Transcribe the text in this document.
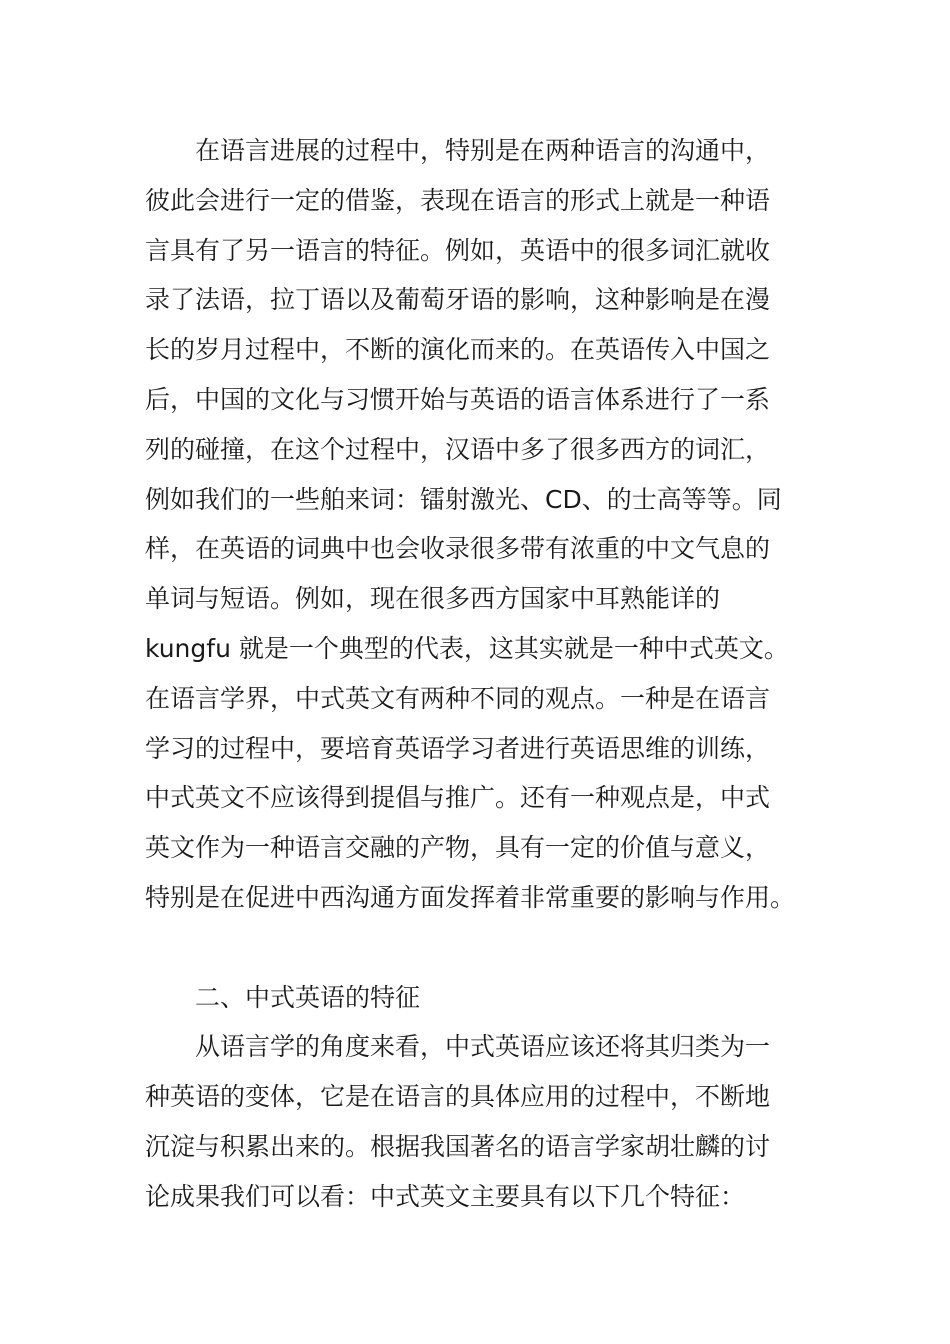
在语言进展的过程中，特别是在两种语言的沟通中，
彼此会进行一定的借鉴，表现在语言的形式上就是一种语
言具有了另一语言的特征。例如，英语中的很多词汇就收
录了法语，拉丁语以及葡萄牙语的影响，这种影响是在漫
长的岁月过程中，不断的演化而来的。在英语传入中国之
后，中国的文化与习惯开始与英语的语言体系进行了一系
列的碰撞，在这个过程中，汉语中多了很多西方的词汇，
例如我们的一些舶来词：镭射激光、CD、的士高等等。同
样，在英语的词典中也会收录很多带有浓重的中文气息的
单词与短语。例如，现在很多西方国家中耳熟能详的
kungfu 就是一个典型的代表，这其实就是一种中式英文。
在语言学界，中式英文有两种不同的观点。一种是在语言
学习的过程中，要培育英语学习者进行英语思维的训练，
中式英文不应该得到提倡与推广。还有一种观点是，中式
英文作为一种语言交融的产物，具有一定的价值与意义，
特别是在促进中西沟通方面发挥着非常重要的影响与作用。
二、中式英语的特征
从语言学的角度来看，中式英语应该还将其归类为一
种英语的变体，它是在语言的具体应用的过程中，不断地
沉淀与积累出来的。根据我国著名的语言学家胡壮麟的讨
论成果我们可以看：中式英文主要具有以下几个特征：
